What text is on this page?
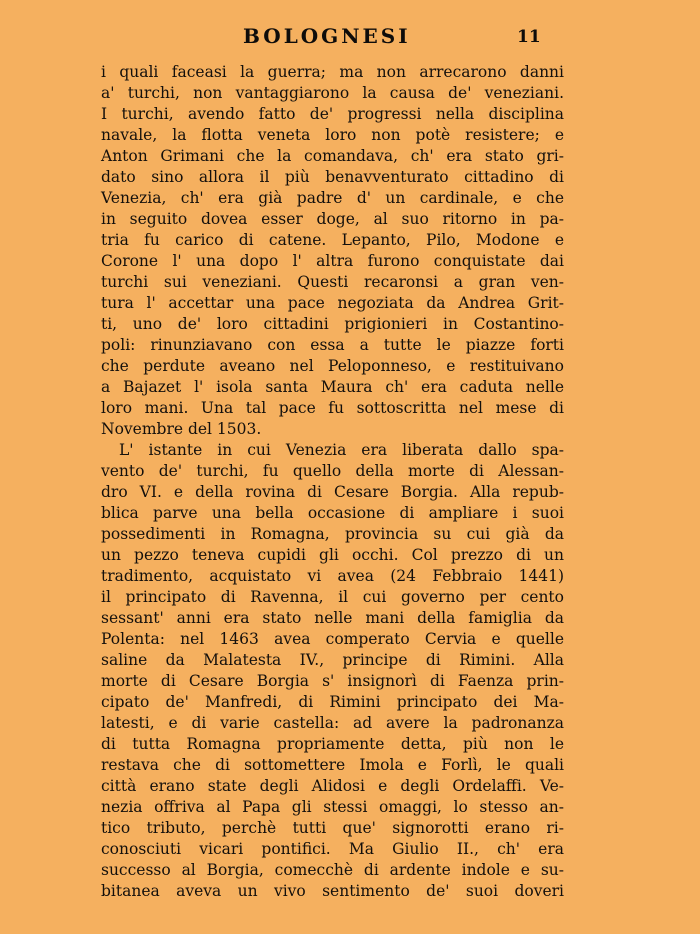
BOLOGNESI	11
i quali faceasi la guerra; ma non arrecarono danni
a' turchi, non vantaggiarono la causa de' veneziani.
I turchi, avendo fatto de' progressi nella disciplina
navale, la flotta veneta loro non potè resistere; e
Anton Grimani che la comandava, ch' era stato gri-
dato sino allora il più benavventurato cittadino di
Venezia, ch' era già padre d' un cardinale, e che
in seguito dovea esser doge, al suo ritorno in pa-
tria fu carico di catene. Lepanto, Pilo, Modone e
Corone l' una dopo l' altra furono conquistate dai
turchi sui veneziani. Questi recaronsi a gran ven-
tura l' accettar una pace negoziata da Andrea Grit-
ti, uno de' loro cittadini prigionieri in Costantino-
poli: rinunziavano con essa a tutte le piazze forti
che perdute aveano nel Peloponneso, e restituivano
a Bajazet l' isola santa Maura ch' era caduta nelle
loro mani. Una tal pace fu sottoscritta nel mese di
Novembre del 1503.
L' istante in cui Venezia era liberata dallo spa-
vento de' turchi, fu quello della morte di Alessan-
dro VI. e della rovina di Cesare Borgia. Alla repub-
blica parve una bella occasione di ampliare i suoi
possedimenti in Romagna, provincia su cui già da
un pezzo teneva cupidi gli occhi. Col prezzo di un
tradimento, acquistato vi avea (24 Febbraio 1441)
il principato di Ravenna, il cui governo per cento
sessant' anni era stato nelle mani della famiglia da
Polenta: nel 1463 avea comperato Cervia e quelle
saline da Malatesta IV., principe di Rimini. Alla
morte di Cesare Borgia s' insignorì di Faenza prin-
cipato de' Manfredi, di Rimini principato dei Ma-
latesti, e di varie castella: ad avere la padronanza
di tutta Romagna propriamente detta, più non le
restava che di sottomettere Imola e Forlì, le quali
città erano state degli Alidosi e degli Ordelaffi. Ve-
nezia offriva al Papa gli stessi omaggi, lo stesso an-
tico tributo, perchè tutti que' signorotti erano ri-
conosciuti vicari pontifici. Ma Giulio II., ch' era
successo al Borgia, comecchè di ardente indole e su-
bitanea aveva un vivo sentimento de' suoi doveri
